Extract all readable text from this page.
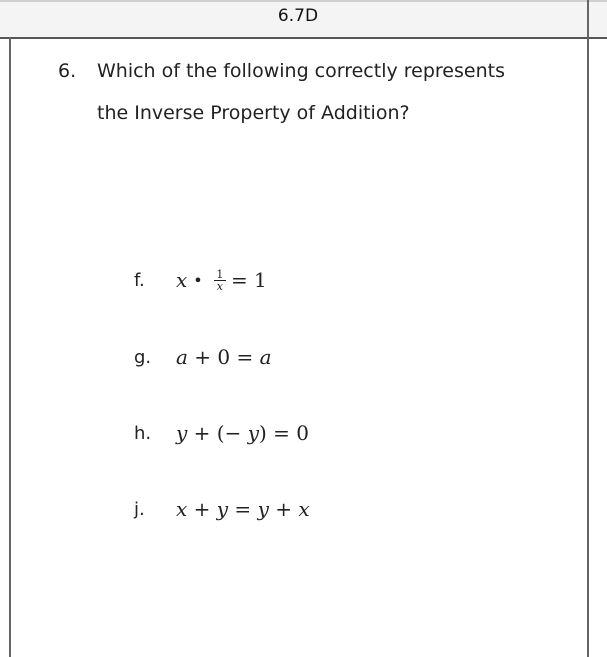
6.7D
6. Which of the following correctly represents the Inverse Property of Addition?
f.	x • $\frac{1}{x} = 1$
g.	a + 0 = a
h.	y + (− y ) = 0
j.	x + y = y + x
